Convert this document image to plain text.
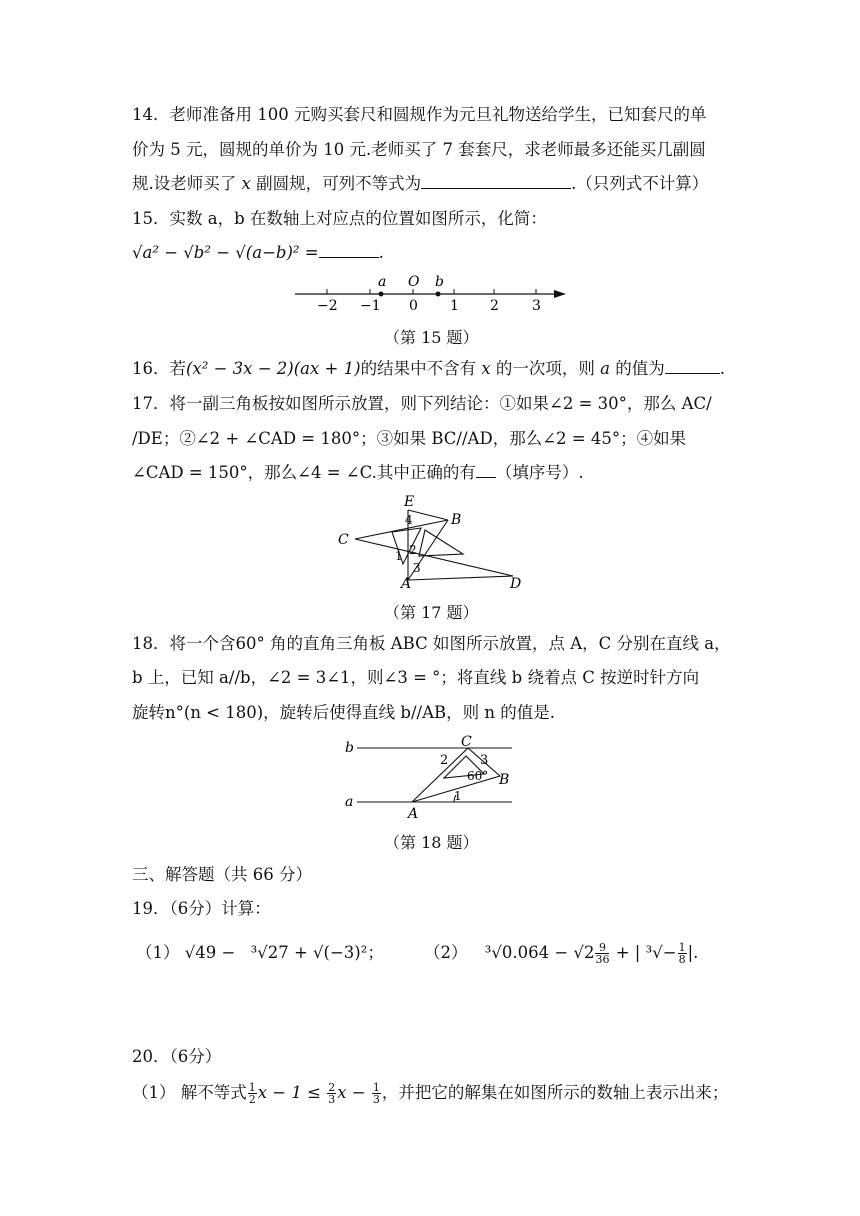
14．老师准备用 100 元购买套尺和圆规作为元旦礼物送给学生，已知套尺的单
价为 5 元，圆规的单价为 10 元.老师买了 7 套套尺，求老师最多还能买几副圆
规.设老师买了 x 副圆规，可列不等式为	.（只列式不计算）
15．实数 a，b 在数轴上对应点的位置如图所示，化简：
√a² − √b² − √(a−b)² =	.
a O b
−2 −1 0 1 2 3
（第 15 题）
16．若(x² − 3x − 2)(ax + 1)的结果中不含有 x 的一次项，则 a 的值为	.
17．将一副三角板按如图所示放置，则下列结论：①如果∠2 = 30°，那么 AC/
/DE；②∠2 + ∠CAD = 180°；③如果 BC//AD，那么∠2 = 45°；④如果
∠CAD = 150°，那么∠4 = ∠C.其中正确的有 （填序号）.
E
B
C
4
1 2
3
A	D
（第 17 题）
18．将一个含60° 角的直角三角板 ABC 如图所示放置，点 A，C 分别在直线 a，
b 上，已知 a//b，∠2 = 3∠1，则∠3 = °；将直线 b 绕着点 C 按逆时针方向
旋转n°(n < 180)，旋转后使得直线 b//AB，则 n 的值是.
b	C
2 3
60° B
a
A
1
（第 18 题）
三、解答题（共 66 分）
19．（6分）计算：
（1） √49 − ³√27 + √(−3)²； （2） $^3√0.064 - √2 \frac{9}{36}$ + | $^3√- \frac{1}{8}$ |.
20．（6分）
（1） 解不等式 $\frac{1}{2}$ $x - 1 \le \frac{2}{3}$ $x - \frac{1}{3}$ ，并把它的解集在如图所示的数轴上表示出来；
